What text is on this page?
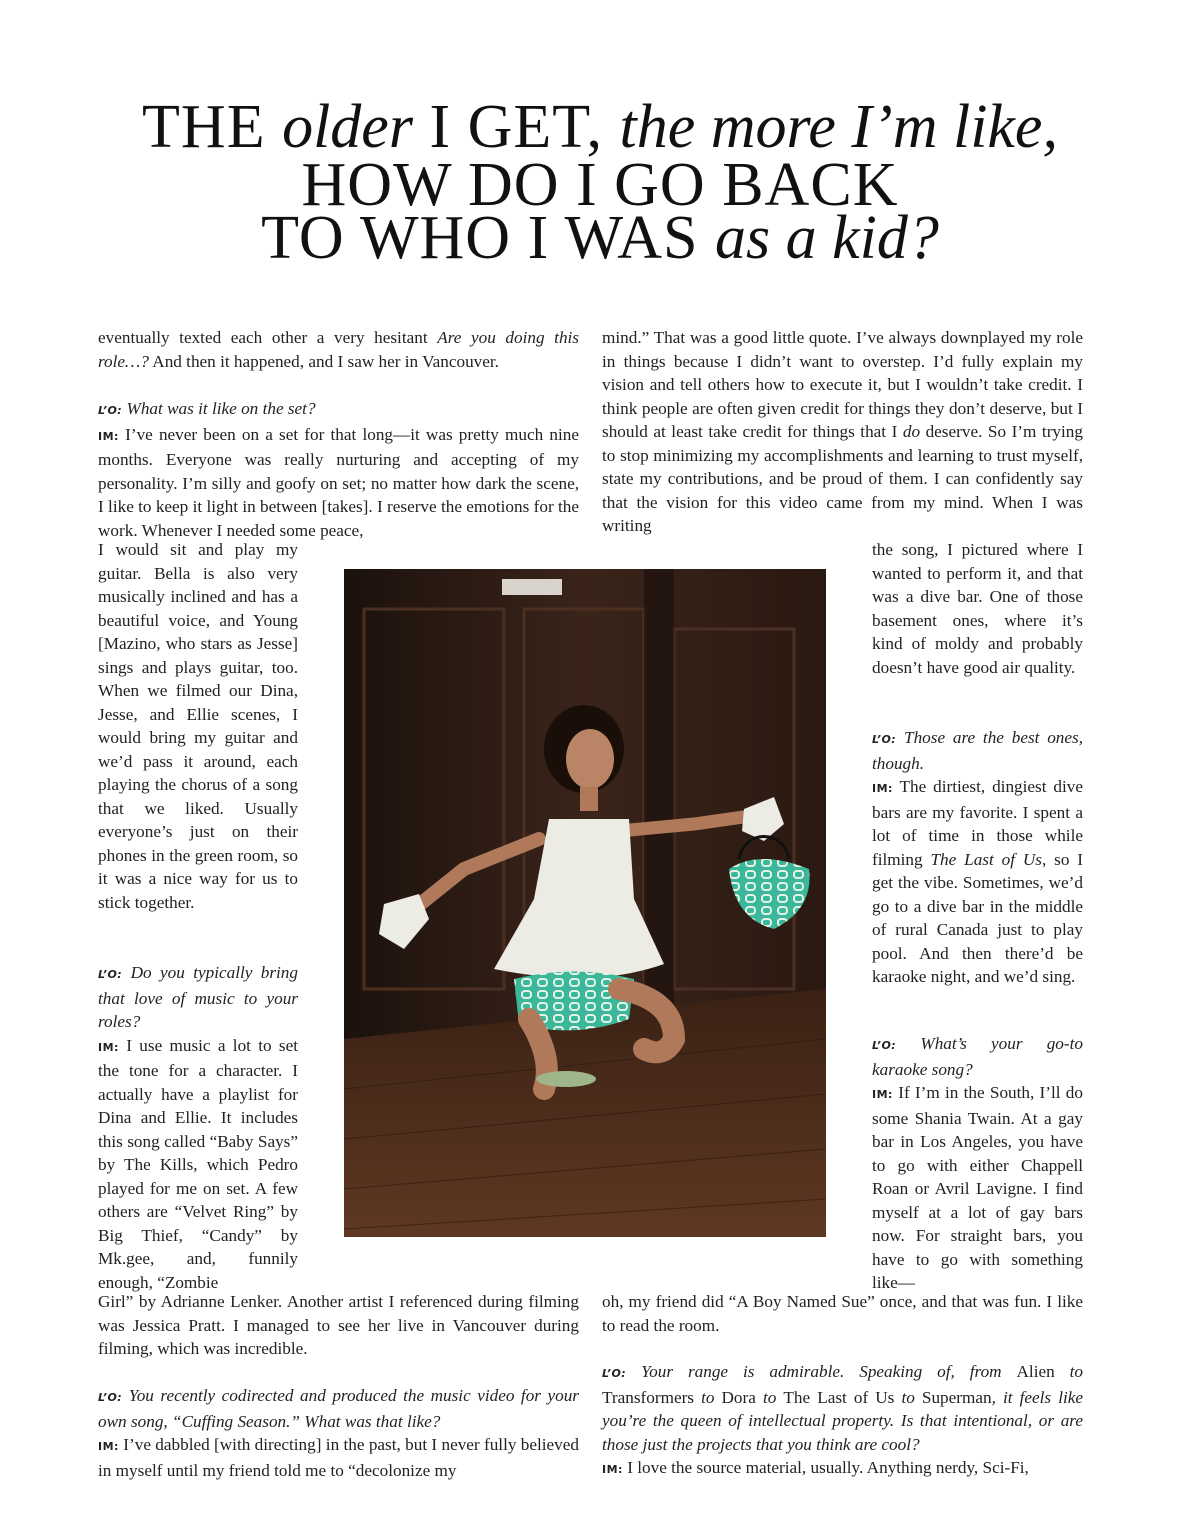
THE older I GET, the more I’m like,
HOW DO I GO BACK
TO WHO I WAS as a kid?

eventually texted each other a very hesitant Are you doing this role…? And then it happened, and I saw her in Vancouver.

L’O: What was it like on the set?
IM: I’ve never been on a set for that long—it was pretty much nine months. Everyone was really nurturing and accepting of my personality. I’m silly and goofy on set; no matter how dark the scene, I like to keep it light in between [takes]. I reserve the emotions for the work. Whenever I needed some peace,

I would sit and play my guitar. Bella is also very musically inclined and has a beautiful voice, and Young [Mazino, who stars as Jesse] sings and plays guitar, too. When we filmed our Dina, Jesse, and Ellie scenes, I would bring my guitar and we’d pass it around, each playing the chorus of a song that we liked. Usually everyone’s just on their phones in the green room, so it was a nice way for us to stick together.

L’O: Do you typically bring that love of music to your roles?
IM: I use music a lot to set the tone for a character. I actually have a playlist for Dina and Ellie. It includes this song called “Baby Says” by The Kills, which Pedro played for me on set. A few others are “Velvet Ring” by Big Thief, “Candy” by Mk.gee, and, funnily enough, “Zombie

Girl” by Adrianne Lenker. Another artist I referenced during filming was Jessica Pratt. I managed to see her live in Vancouver during filming, which was incredible.

L’O: You recently codirected and produced the music video for your own song, “Cuffing Season.” What was that like?
IM: I’ve dabbled [with directing] in the past, but I never fully believed in myself until my friend told me to “decolonize my

mind.” That was a good little quote. I’ve always downplayed my role in things because I didn’t want to overstep. I’d fully explain my vision and tell others how to execute it, but I wouldn’t take credit. I think people are often given credit for things they don’t deserve, but I should at least take credit for things that I do deserve. So I’m trying to stop minimizing my accomplishments and learning to trust myself, state my contributions, and be proud of them. I can confidently say that the vision for this video came from my mind. When I was writing

the song, I pictured where I wanted to perform it, and that was a dive bar. One of those basement ones, where it’s kind of moldy and probably doesn’t have good air quality.

L’O: Those are the best ones, though.
IM: The dirtiest, dingiest dive bars are my favorite. I spent a lot of time in those while filming The Last of Us, so I get the vibe. Sometimes, we’d go to a dive bar in the middle of rural Canada just to play pool. And then there’d be karaoke night, and we’d sing.

L’O: What’s your go-to karaoke song?
IM: If I’m in the South, I’ll do some Shania Twain. At a gay bar in Los Angeles, you have to go with either Chappell Roan or Avril Lavigne. I find myself at a lot of gay bars now. For straight bars, you have to go with something like—

oh, my friend did “A Boy Named Sue” once, and that was fun. I like to read the room.

L’O: Your range is admirable. Speaking of, from Alien to Transformers to Dora to The Last of Us to Superman, it feels like you’re the queen of intellectual property. Is that intentional, or are those just the projects that you think are cool?
IM: I love the source material, usually. Anything nerdy, Sci-Fi,
